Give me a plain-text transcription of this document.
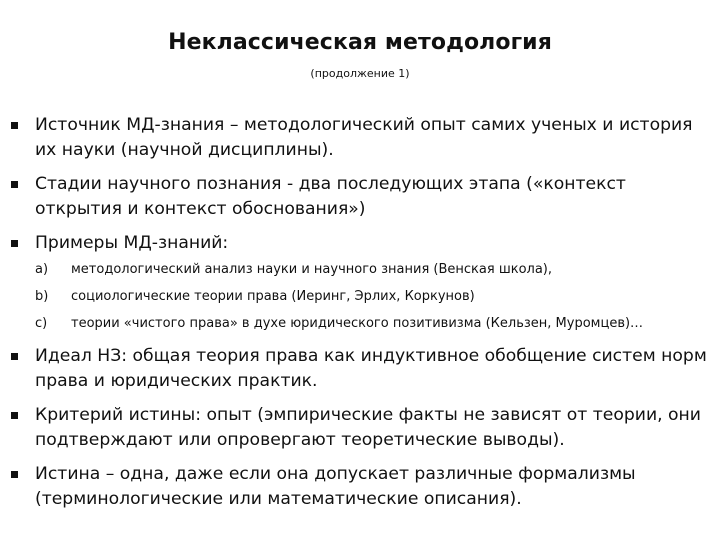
Неклассическая методология
(продолжение 1)
Источник МД-знания – методологический опыт самих ученых и история их науки (научной дисциплины).
Стадии научного познания - два последующих этапа («контекст открытия и контекст обоснования»)
Примеры МД-знаний:
a) методологический анализ науки и научного знания (Венская школа),
b) социологические теории права (Иеринг, Эрлих, Коркунов)
c) теории «чистого права» в духе юридического позитивизма (Кельзен, Муромцев)…
Идеал НЗ: общая теория права как индуктивное обобщение систем норм права и юридических практик.
Критерий истины: опыт (эмпирические факты не зависят от теории, они подтверждают или опровергают теоретические выводы).
Истина – одна, даже если она допускает различные формализмы (терминологические или математические описания).
